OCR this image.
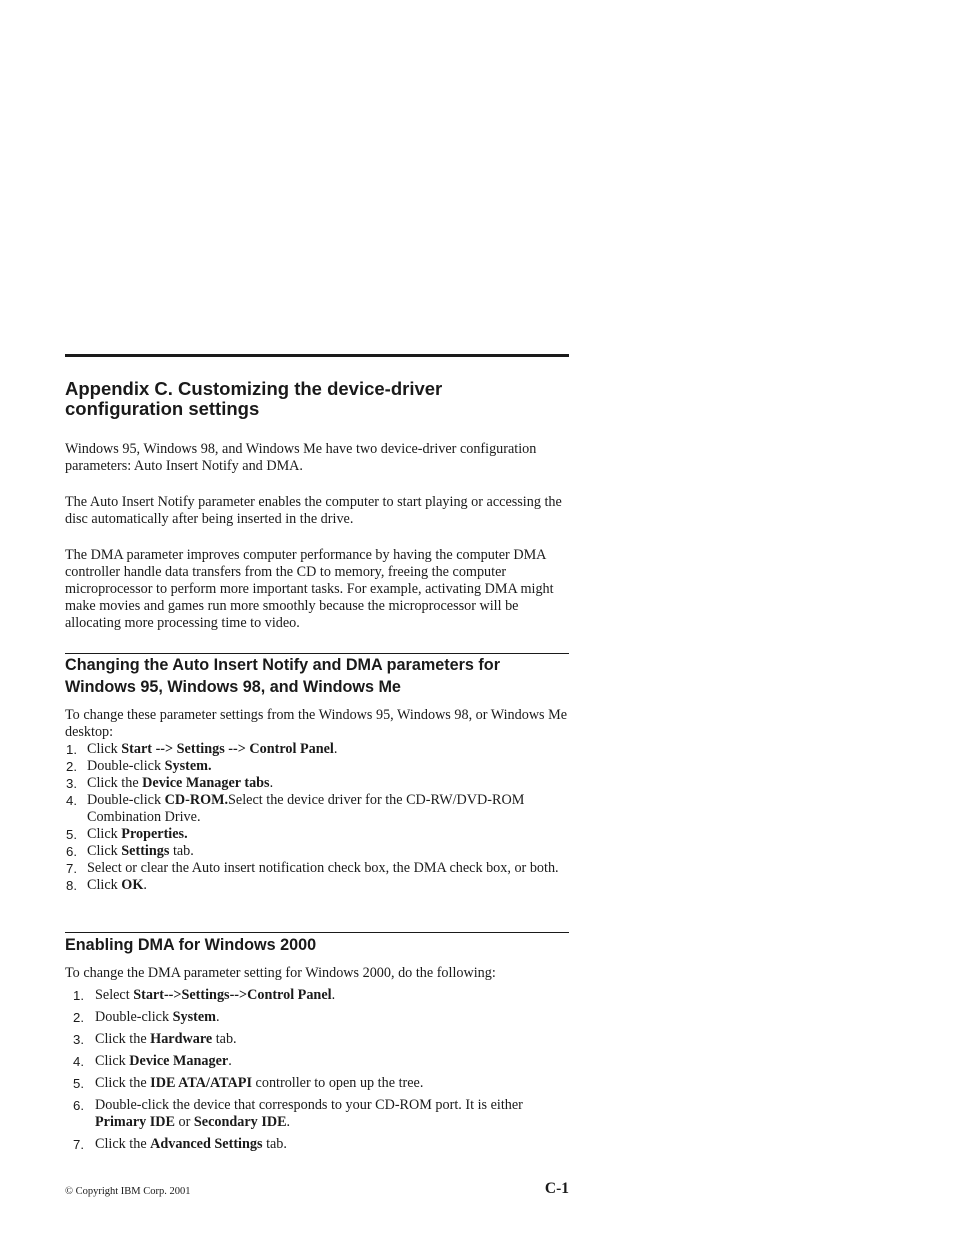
Appendix C. Customizing the device-driver
configuration settings

Windows 95, Windows 98, and Windows Me have two device-driver configuration parameters: Auto Insert Notify and DMA.

The Auto Insert Notify parameter enables the computer to start playing or accessing the disc automatically after being inserted in the drive.

The DMA parameter improves computer performance by having the computer DMA controller handle data transfers from the CD to memory, freeing the computer microprocessor to perform more important tasks. For example, activating DMA might make movies and games run more smoothly because the microprocessor will be allocating more processing time to video.

Changing the Auto Insert Notify and DMA parameters for
Windows 95, Windows 98, and Windows Me

To change these parameter settings from the Windows 95, Windows 98, or Windows Me desktop:

1. Click Start --> Settings --> Control Panel.
2. Double-click System.
3. Click the Device Manager tabs.
4. Double-click CD-ROM.Select the device driver for the CD-RW/DVD-ROM Combination Drive.
5. Click Properties.
6. Click Settings tab.
7. Select or clear the Auto insert notification check box, the DMA check box, or both.
8. Click OK.
Enabling DMA for Windows 2000

To change the DMA parameter setting for Windows 2000, do the following:

1. Select Start-->Settings-->Control Panel.
2. Double-click System.
3. Click the Hardware tab.
4. Click Device Manager.
5. Click the IDE ATA/ATAPI controller to open up the tree.
6. Double-click the device that corresponds to your CD-ROM port. It is either Primary IDE or Secondary IDE.
7. Click the Advanced Settings tab.
© Copyright IBM Corp. 2001	C-1
